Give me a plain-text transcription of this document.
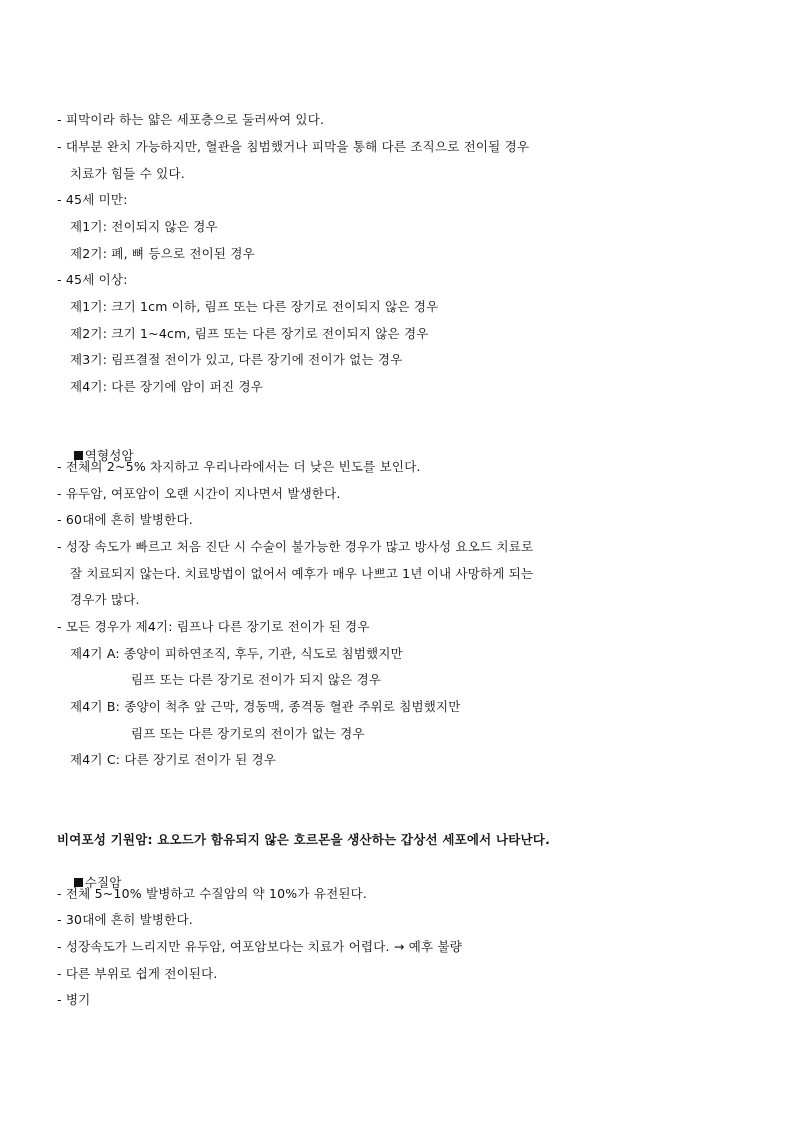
- 피막이라 하는 얇은 세포층으로 둘러싸여 있다.
- 대부분 완치 가능하지만, 혈관을 침범했거나 피막을 통해 다른 조직으로 전이될 경우
치료가 힘들 수 있다.
- 45세 미만:
제1기: 전이되지 않은 경우
제2기: 폐, 뼈 등으로 전이된 경우
- 45세 이상:
제1기: 크기 1cm 이하, 림프 또는 다른 장기로 전이되지 않은 경우
제2기: 크기 1~4cm, 림프 또는 다른 장기로 전이되지 않은 경우
제3기: 림프결절 전이가 있고, 다른 장기에 전이가 없는 경우
제4기: 다른 장기에 암이 퍼진 경우

역형성암

- 전체의 2~5% 차지하고 우리나라에서는 더 낮은 빈도를 보인다.
- 유두암, 여포암이 오랜 시간이 지나면서 발생한다.
- 60대에 흔히 발병한다.
- 성장 속도가 빠르고 처음 진단 시 수술이 불가능한 경우가 많고 방사성 요오드 치료로
잘 치료되지 않는다. 치료방법이 없어서 예후가 매우 나쁘고 1년 이내 사망하게 되는
경우가 많다.
- 모든 경우가 제4기: 림프나 다른 장기로 전이가 된 경우
제4기 A: 종양이 피하연조직, 후두, 기관, 식도로 침범했지만
림프 또는 다른 장기로 전이가 되지 않은 경우
제4기 B: 종양이 척추 앞 근막, 경동맥, 종격동 혈관 주위로 침범했지만
림프 또는 다른 장기로의 전이가 없는 경우
제4기 C: 다른 장기로 전이가 된 경우
비여포성 기원암: 요오드가 함유되지 않은 호르몬을 생산하는 갑상선 세포에서 나타난다.

수질암

- 전체 5~10% 발병하고 수질암의 약 10%가 유전된다.
- 30대에 흔히 발병한다.
- 성장속도가 느리지만 유두암, 여포암보다는 치료가 어렵다. → 예후 불량
- 다른 부위로 쉽게 전이된다.
- 병기
